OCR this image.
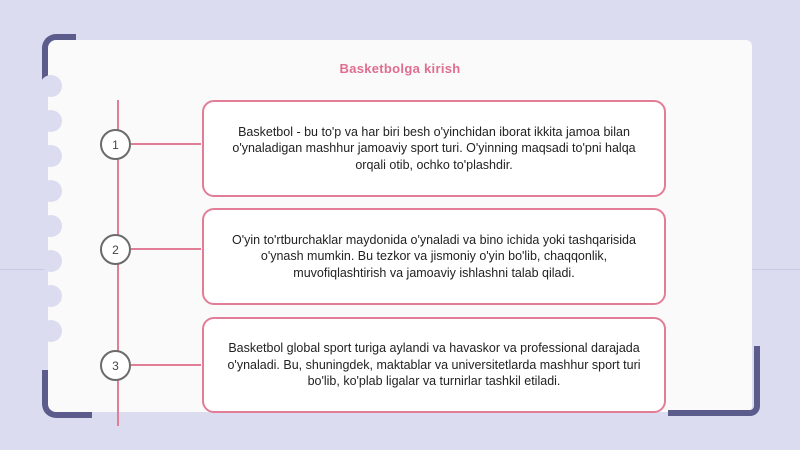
Basketbolga kirish
1

Basketbol - bu to'p va har biri besh o'yinchidan iborat ikkita jamoa bilan o'ynaladigan mashhur jamoaviy sport turi. O'yinning maqsadi to'pni halqa orqali otib, ochko to'plashdir.

2

O'yin to'rtburchaklar maydonida o'ynaladi va bino ichida yoki tashqarisida o'ynash mumkin. Bu tezkor va jismoniy o'yin bo'lib, chaqqonlik, muvofiqlashtirish va jamoaviy ishlashni talab qiladi.

3

Basketbol global sport turiga aylandi va havaskor va professional darajada o'ynaladi. Bu, shuningdek, maktablar va universitetlarda mashhur sport turi bo'lib, ko'plab ligalar va turnirlar tashkil etiladi.
